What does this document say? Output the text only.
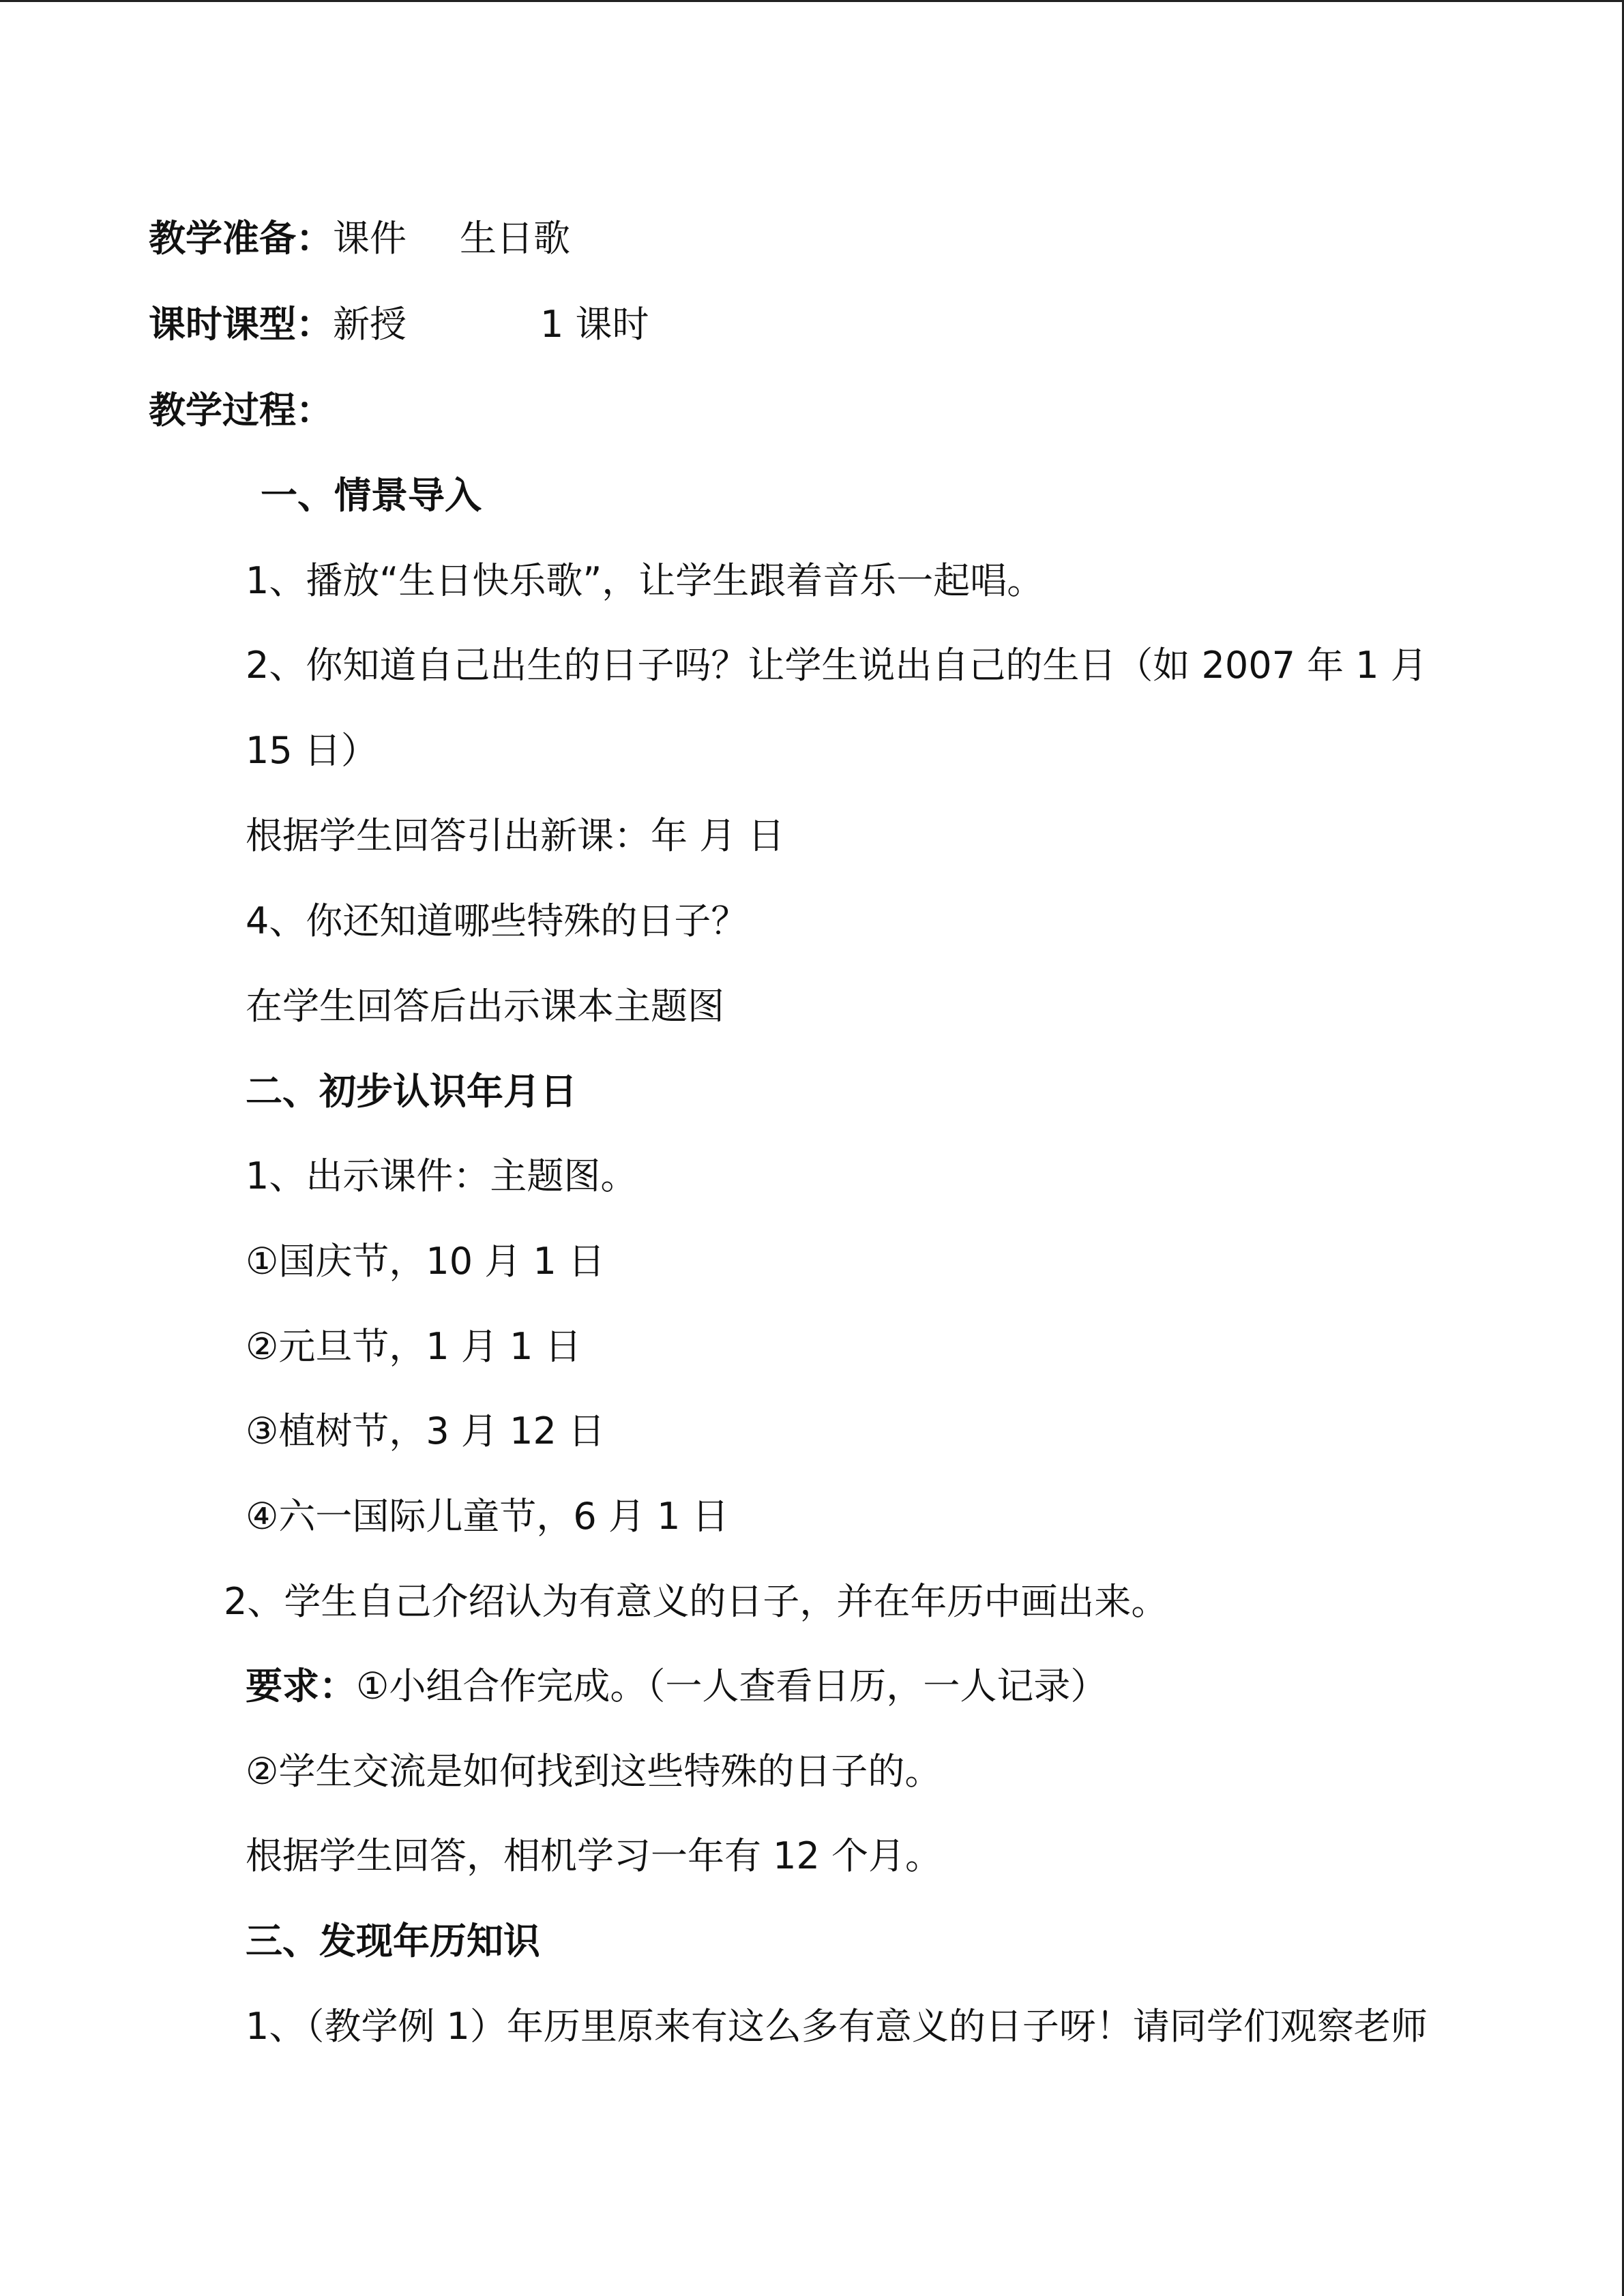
教学准备：课件 生日歌
课时课型：新授	1 课时
教学过程：
一、情景导入
1、播放“生日快乐歌”，让学生跟着音乐一起唱。
2、你知道自己出生的日子吗？让学生说出自己的生日（如 2007 年 1 月
15 日）
根据学生回答引出新课：年 月 日
4、你还知道哪些特殊的日子？
在学生回答后出示课本主题图
二、初步认识年月日
1、出示课件：主题图。
①国庆节，10 月 1 日
②元旦节，1 月 1 日
③植树节，3 月 12 日
④六一国际儿童节，6 月 1 日
2、学生自己介绍认为有意义的日子，并在年历中画出来。
要求：①小组合作完成。（一人查看日历，一人记录）
②学生交流是如何找到这些特殊的日子的。
根据学生回答，相机学习一年有 12 个月。
三、发现年历知识
1、（教学例 1）年历里原来有这么多有意义的日子呀！请同学们观察老师
